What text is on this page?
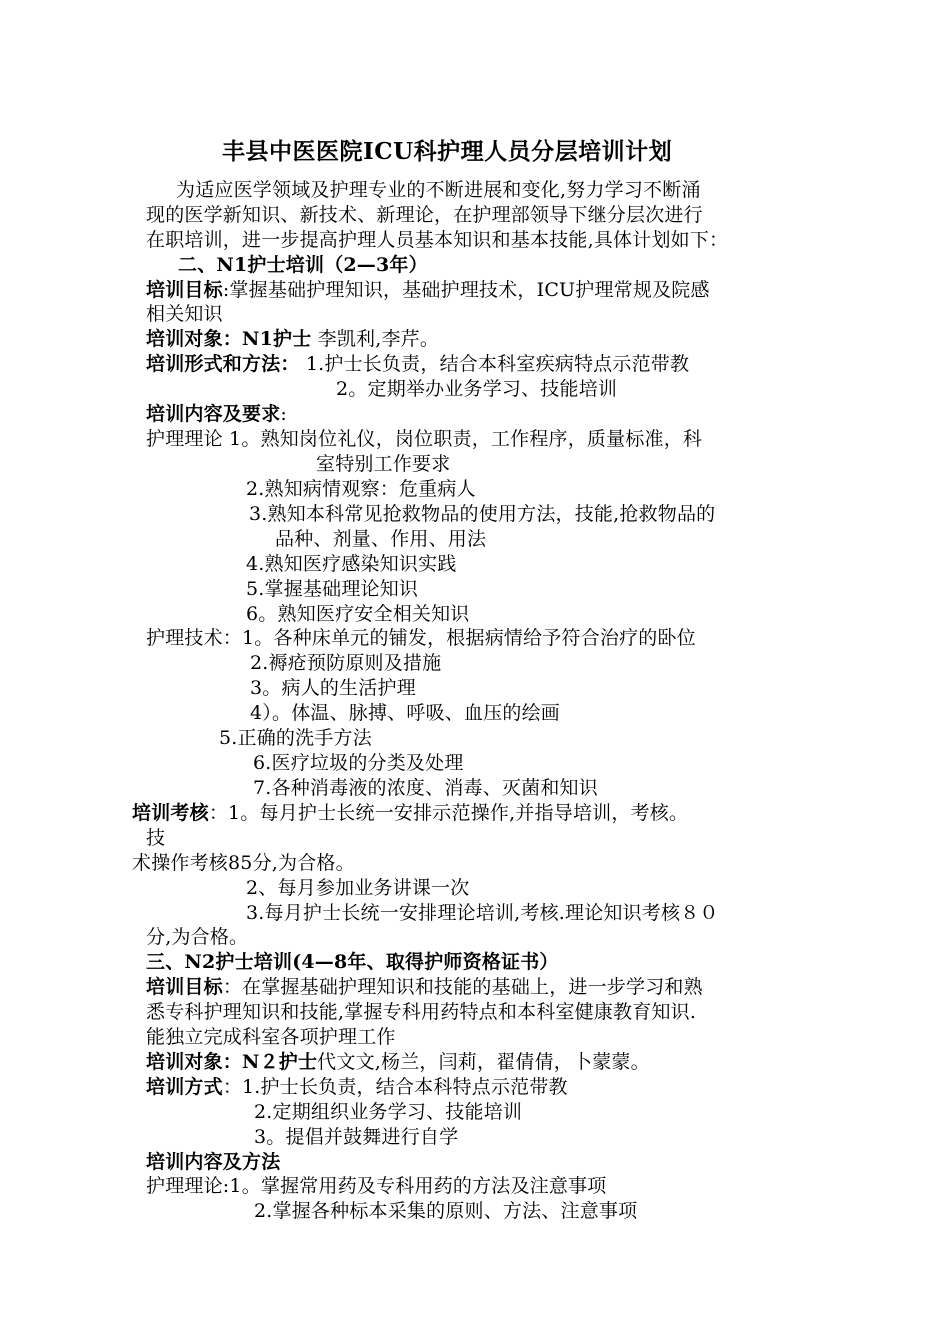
丰县中医医院ICU科护理人员分层培训计划
为适应医学领域及护理专业的不断进展和变化,努力学习不断涌
现的医学新知识、新技术、新理论，在护理部领导下继分层次进行
在职培训，进一步提高护理人员基本知识和基本技能,具体计划如下：
二、N1护士培训（2—3年）
培训目标:掌握基础护理知识，基础护理技术，ICU护理常规及院感
相关知识
培训对象：N1护士 李凯利,李芹。
培训形式和方法： 1.护士长负责，结合本科室疾病特点示范带教
2。定期举办业务学习、技能培训
培训内容及要求:
护理理论 1。熟知岗位礼仪，岗位职责，工作程序，质量标准，科
室特别工作要求
2.熟知病情观察：危重病人
3.熟知本科常见抢救物品的使用方法，技能,抢救物品的
品种、剂量、作用、用法
4.熟知医疗感染知识实践
5.掌握基础理论知识
6。熟知医疗安全相关知识
护理技术：1。各种床单元的铺发，根据病情给予符合治疗的卧位
2.褥疮预防原则及措施
3。病人的生活护理
4）。体温、脉搏、呼吸、血压的绘画
5.正确的洗手方法
6.医疗垃圾的分类及处理
7.各种消毒液的浓度、消毒、灭菌和知识
培训考核：1。每月护士长统一安排示范操作,并指导培训，考核。
技
术操作考核85分,为合格。
2、每月参加业务讲课一次
3.每月护士长统一安排理论培训,考核.理论知识考核８０
分,为合格。
三、N2护士培训(4—8年、取得护师资格证书）
培训目标：在掌握基础护理知识和技能的基础上，进一步学习和熟
悉专科护理知识和技能,掌握专科用药特点和本科室健康教育知识.
能独立完成科室各项护理工作
培训对象：N２护士代文文,杨兰，闫莉，翟倩倩，卜蒙蒙。
培训方式：1.护士长负责，结合本科特点示范带教
2.定期组织业务学习、技能培训
3。提倡并鼓舞进行自学
培训内容及方法
护理理论:1。掌握常用药及专科用药的方法及注意事项
2.掌握各种标本采集的原则、方法、注意事项
